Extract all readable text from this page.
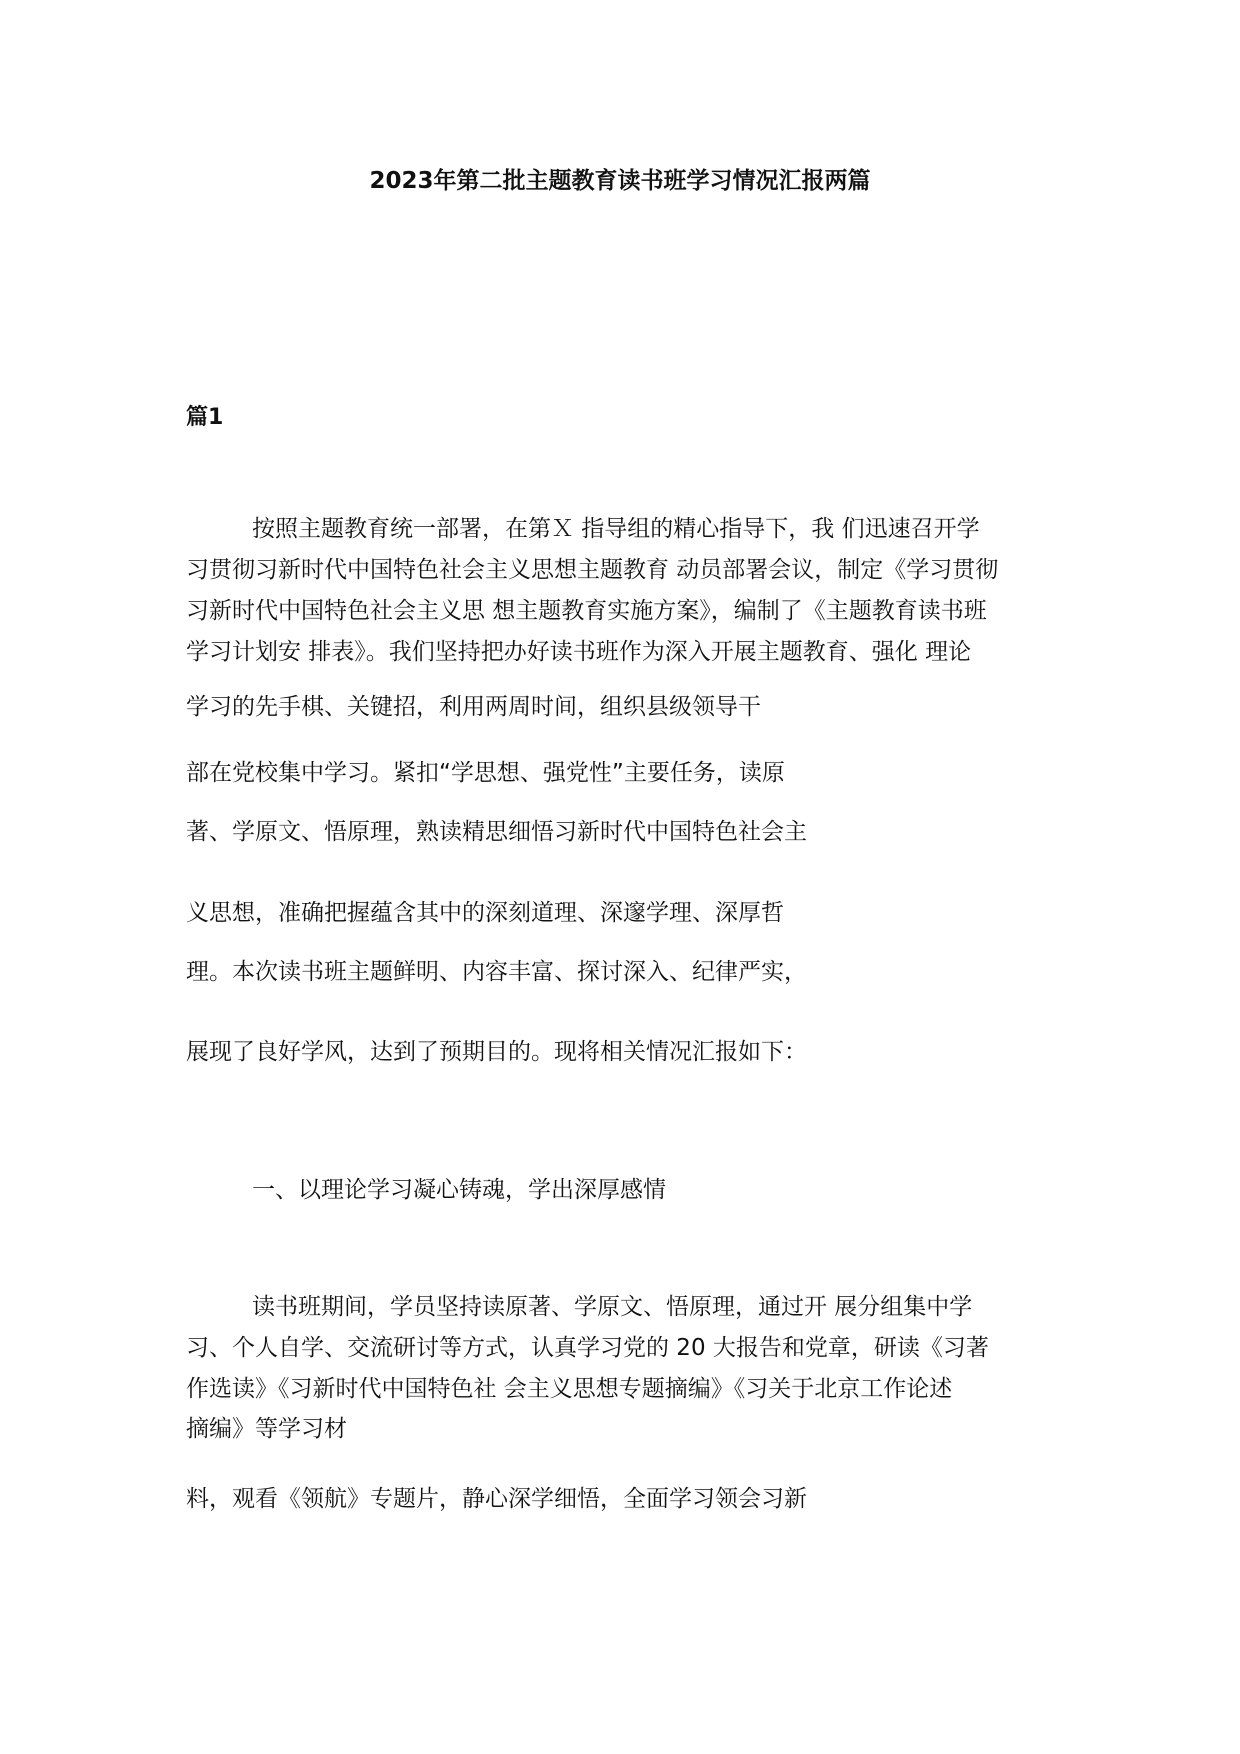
2023年第二批主题教育读书班学习情况汇报两篇
篇1
按照主题教育统一部署，在第Ｘ 指导组的精心指导下，我 们迅速召开学
习贯彻习新时代中国特色社会主义思想主题教育 动员部署会议，制定《学习贯彻
习新时代中国特色社会主义思 想主题教育实施方案》，编制了《主题教育读书班
学习计划安 排表》。我们坚持把办好读书班作为深入开展主题教育、强化 理论
学习的先手棋、关键招，利用两周时间，组织县级领导干
部在党校集中学习。紧扣“学思想、强党性”主要任务，读原
著、学原文、悟原理，熟读精思细悟习新时代中国特色社会主
义思想，准确把握蕴含其中的深刻道理、深邃学理、深厚哲
理。本次读书班主题鲜明、内容丰富、探讨深入、纪律严实，
展现了良好学风，达到了预期目的。现将相关情况汇报如下：
一、以理论学习凝心铸魂，学出深厚感情
读书班期间，学员坚持读原著、学原文、悟原理，通过开 展分组集中学
习、个人自学、交流研讨等方式，认真学习党的 20 大报告和党章，研读《习著
作选读》《习新时代中国特色社 会主义思想专题摘编》《习关于北京工作论述
摘编》等学习材
料，观看《领航》专题片，静心深学细悟，全面学习领会习新
